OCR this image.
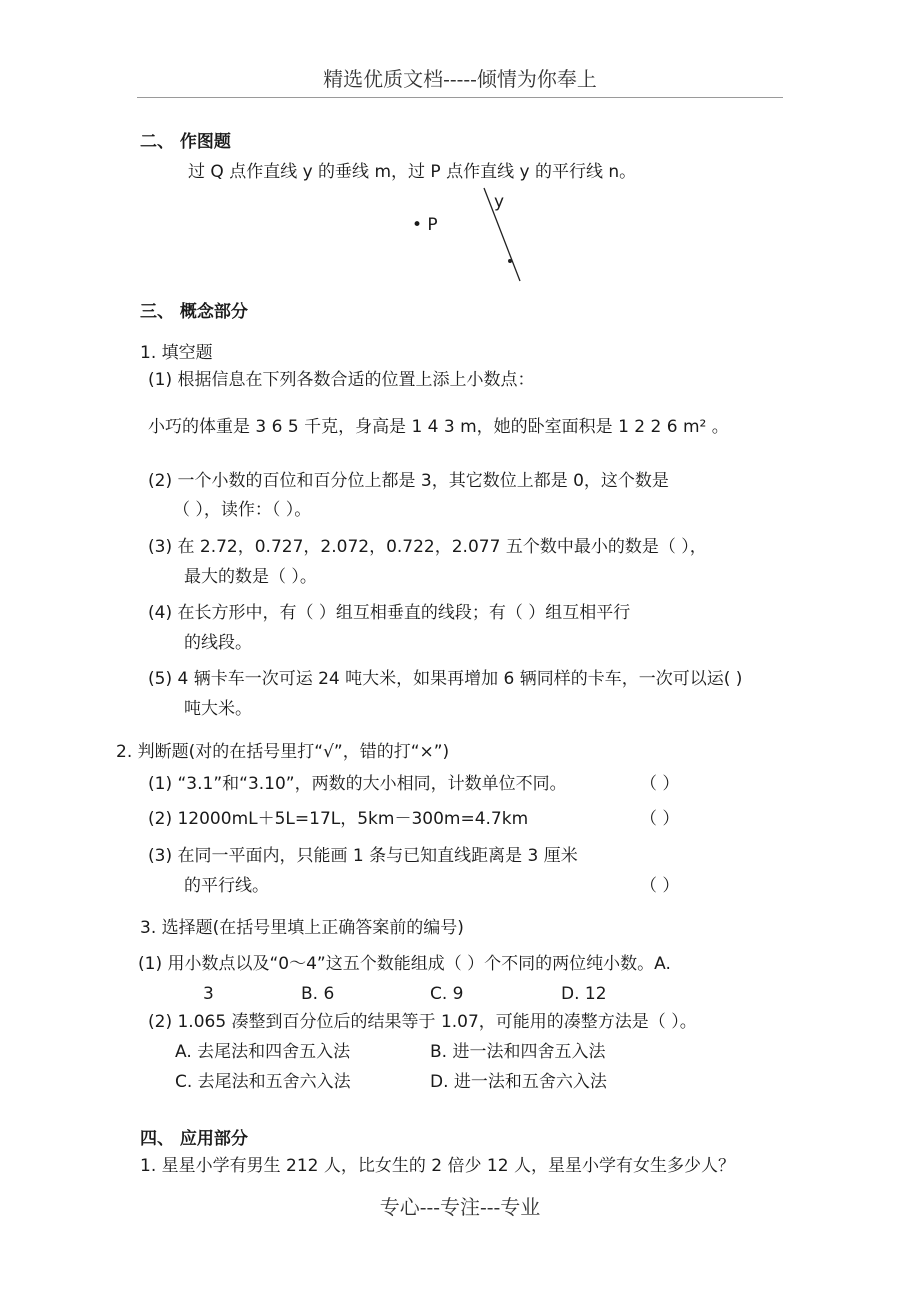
精选优质文档-----倾情为你奉上
二、 作图题
过 Q 点作直线 y 的垂线 m，过 P 点作直线 y 的平行线 n。
• P
y
三、 概念部分
1. 填空题
(1) 根据信息在下列各数合适的位置上添上小数点：
小巧的体重是 3 6 5 千克，身高是 1 4 3 m，她的卧室面积是 1 2 2 6 m² 。
(2) 一个小数的百位和百分位上都是 3，其它数位上都是 0，这个数是
（ ），读作：（ ）。
(3) 在 2.72，0.727，2.072，0.722，2.077 五个数中最小的数是（ ），
最大的数是（ ）。
(4) 在长方形中，有（ ）组互相垂直的线段；有（ ）组互相平行
的线段。
(5) 4 辆卡车一次可运 24 吨大米，如果再增加 6 辆同样的卡车，一次可以运( )
吨大米。
2. 判断题(对的在括号里打“√”，错的打“×”)
(1) “3.1”和“3.10”，两数的大小相同，计数单位不同。	（ ）
(2) 12000mL＋5L=17L，5km－300m=4.7km	（ ）
(3) 在同一平面内，只能画 1 条与已知直线距离是 3 厘米
的平行线。	（ ）
3. 选择题(在括号里填上正确答案前的编号)
(1) 用小数点以及“0～4”这五个数能组成（ ）个不同的两位纯小数。A.
3	B. 6	C. 9	D. 12
(2) 1.065 凑整到百分位后的结果等于 1.07，可能用的凑整方法是（ ）。
A. 去尾法和四舍五入法	B. 进一法和四舍五入法
C. 去尾法和五舍六入法	D. 进一法和五舍六入法
四、 应用部分
1. 星星小学有男生 212 人，比女生的 2 倍少 12 人，星星小学有女生多少人？
专心---专注---专业
